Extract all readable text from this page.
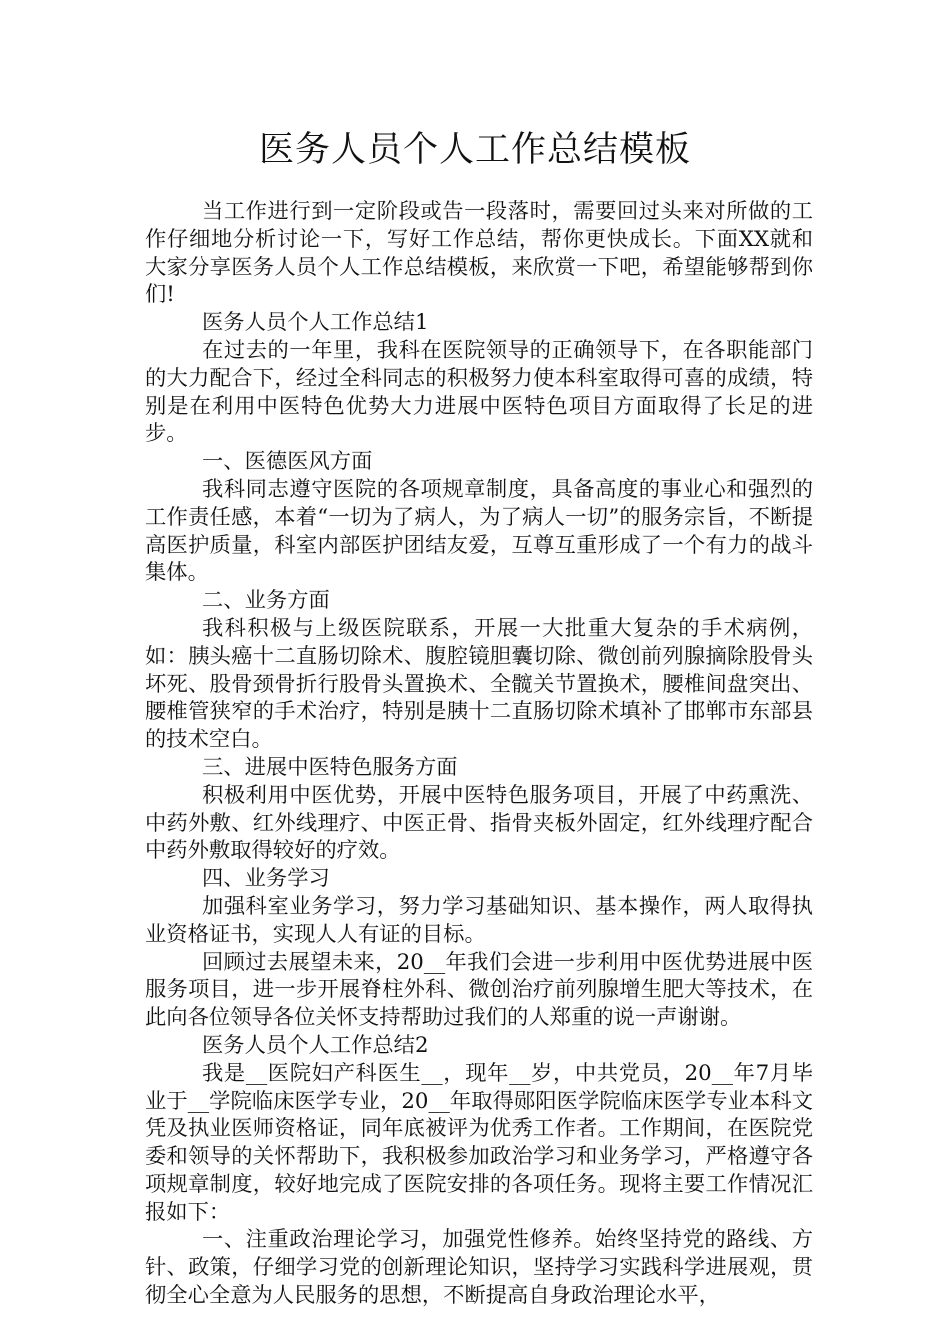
医务人员个人工作总结模板

当工作进行到一定阶段或告一段落时，需要回过头来对所做的工作仔细地分析讨论一下，写好工作总结，帮你更快成长。下面XX就和大家分享医务人员个人工作总结模板，来欣赏一下吧，希望能够帮到你们!

医务人员个人工作总结1

在过去的一年里，我科在医院领导的正确领导下，在各职能部门的大力配合下，经过全科同志的积极努力使本科室取得可喜的成绩，特别是在利用中医特色优势大力进展中医特色项目方面取得了长足的进步。

一、医德医风方面

我科同志遵守医院的各项规章制度，具备高度的事业心和强烈的工作责任感，本着“一切为了病人，为了病人一切”的服务宗旨，不断提高医护质量，科室内部医护团结友爱，互尊互重形成了一个有力的战斗集体。

二、业务方面

我科积极与上级医院联系，开展一大批重大复杂的手术病例，如：胰头癌十二直肠切除术、腹腔镜胆囊切除、微创前列腺摘除股骨头坏死、股骨颈骨折行股骨头置换术、全髋关节置换术，腰椎间盘突出、腰椎管狭窄的手术治疗，特别是胰十二直肠切除术填补了邯郸市东部县的技术空白。

三、进展中医特色服务方面

积极利用中医优势，开展中医特色服务项目，开展了中药熏洗、中药外敷、红外线理疗、中医正骨、指骨夹板外固定，红外线理疗配合中药外敷取得较好的疗效。

四、业务学习

加强科室业务学习，努力学习基础知识、基本操作，两人取得执业资格证书，实现人人有证的目标。

回顾过去展望未来，20__年我们会进一步利用中医优势进展中医服务项目，进一步开展脊柱外科、微创治疗前列腺增生肥大等技术，在此向各位领导各位关怀支持帮助过我们的人郑重的说一声谢谢。

医务人员个人工作总结2

我是__医院妇产科医生__，现年__岁，中共党员，20__年7月毕业于__学院临床医学专业，20__年取得郧阳医学院临床医学专业本科文凭及执业医师资格证，同年底被评为优秀工作者。工作期间，在医院党委和领导的关怀帮助下，我积极参加政治学习和业务学习，严格遵守各项规章制度，较好地完成了医院安排的各项任务。现将主要工作情况汇报如下：

一、注重政治理论学习，加强党性修养。始终坚持党的路线、方针、政策，仔细学习党的创新理论知识，坚持学习实践科学进展观，贯彻全心全意为人民服务的思想，不断提高自身政治理论水平，
